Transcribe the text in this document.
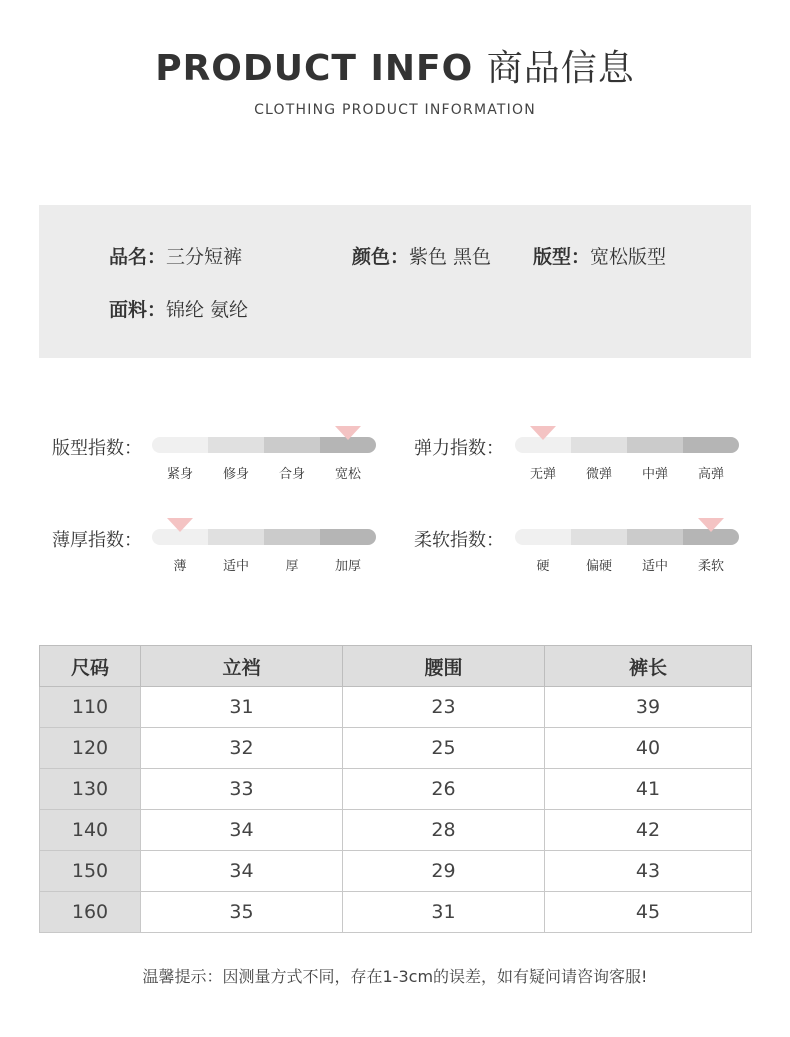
PRODUCT INFO 商品信息
CLOTHING PRODUCT INFORMATION
品名：三分短裤	颜色：紫色 黑色 版型：宽松版型
面料：锦纶 氨纶
版型指数：
紧身	修身	合身	宽松
弹力指数：
无弹	微弹	中弹	高弹
薄厚指数：
薄	适中	厚	加厚
柔软指数：
硬	偏硬	适中	柔软
尺码	立裆	腰围	裤长
110	31	23	39
120	32	25	40
130	33	26	41
140	34	28	42
150	34	29	43
160	35	31	45
温馨提示：因测量方式不同，存在1-3cm的误差，如有疑问请咨询客服!
